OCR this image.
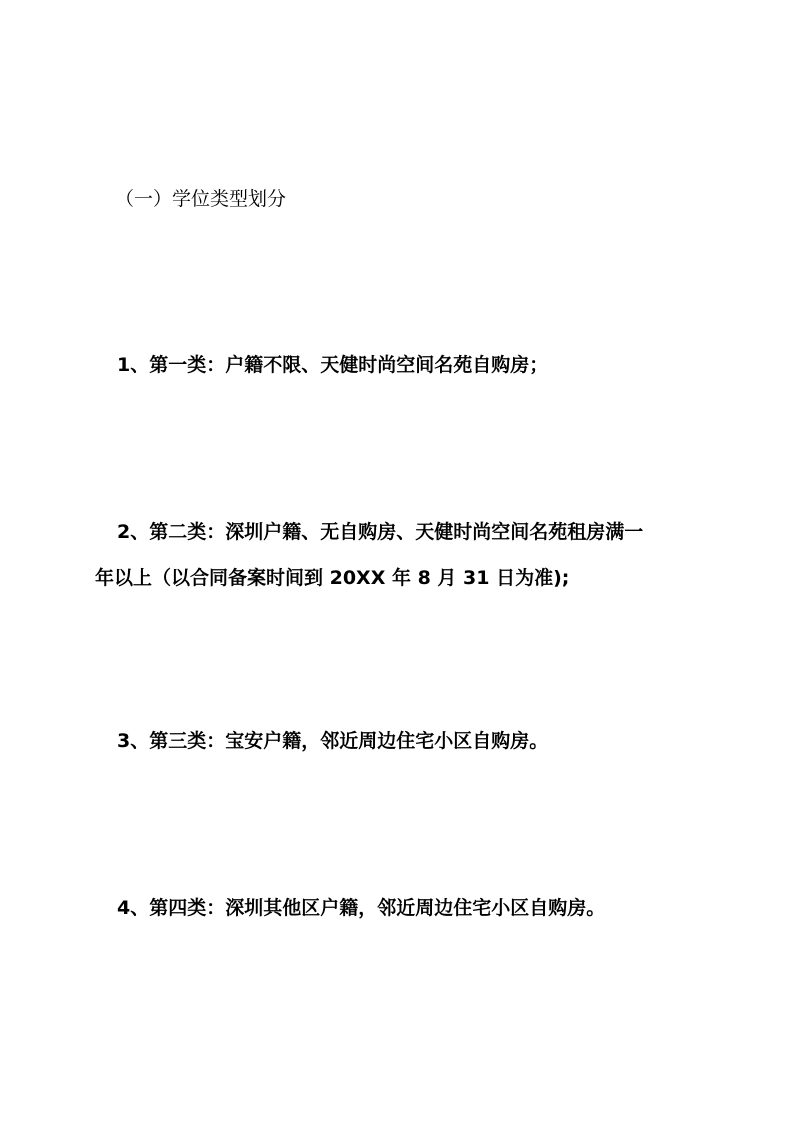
（一）学位类型划分
1、第一类：户籍不限、天健时尚空间名苑自购房；
2、第二类：深圳户籍、无自购房、天健时尚空间名苑租房满一
年以上（以合同备案时间到 20XX 年 8 月 31 日为准);
3、第三类：宝安户籍，邻近周边住宅小区自购房。
4、第四类：深圳其他区户籍，邻近周边住宅小区自购房。
